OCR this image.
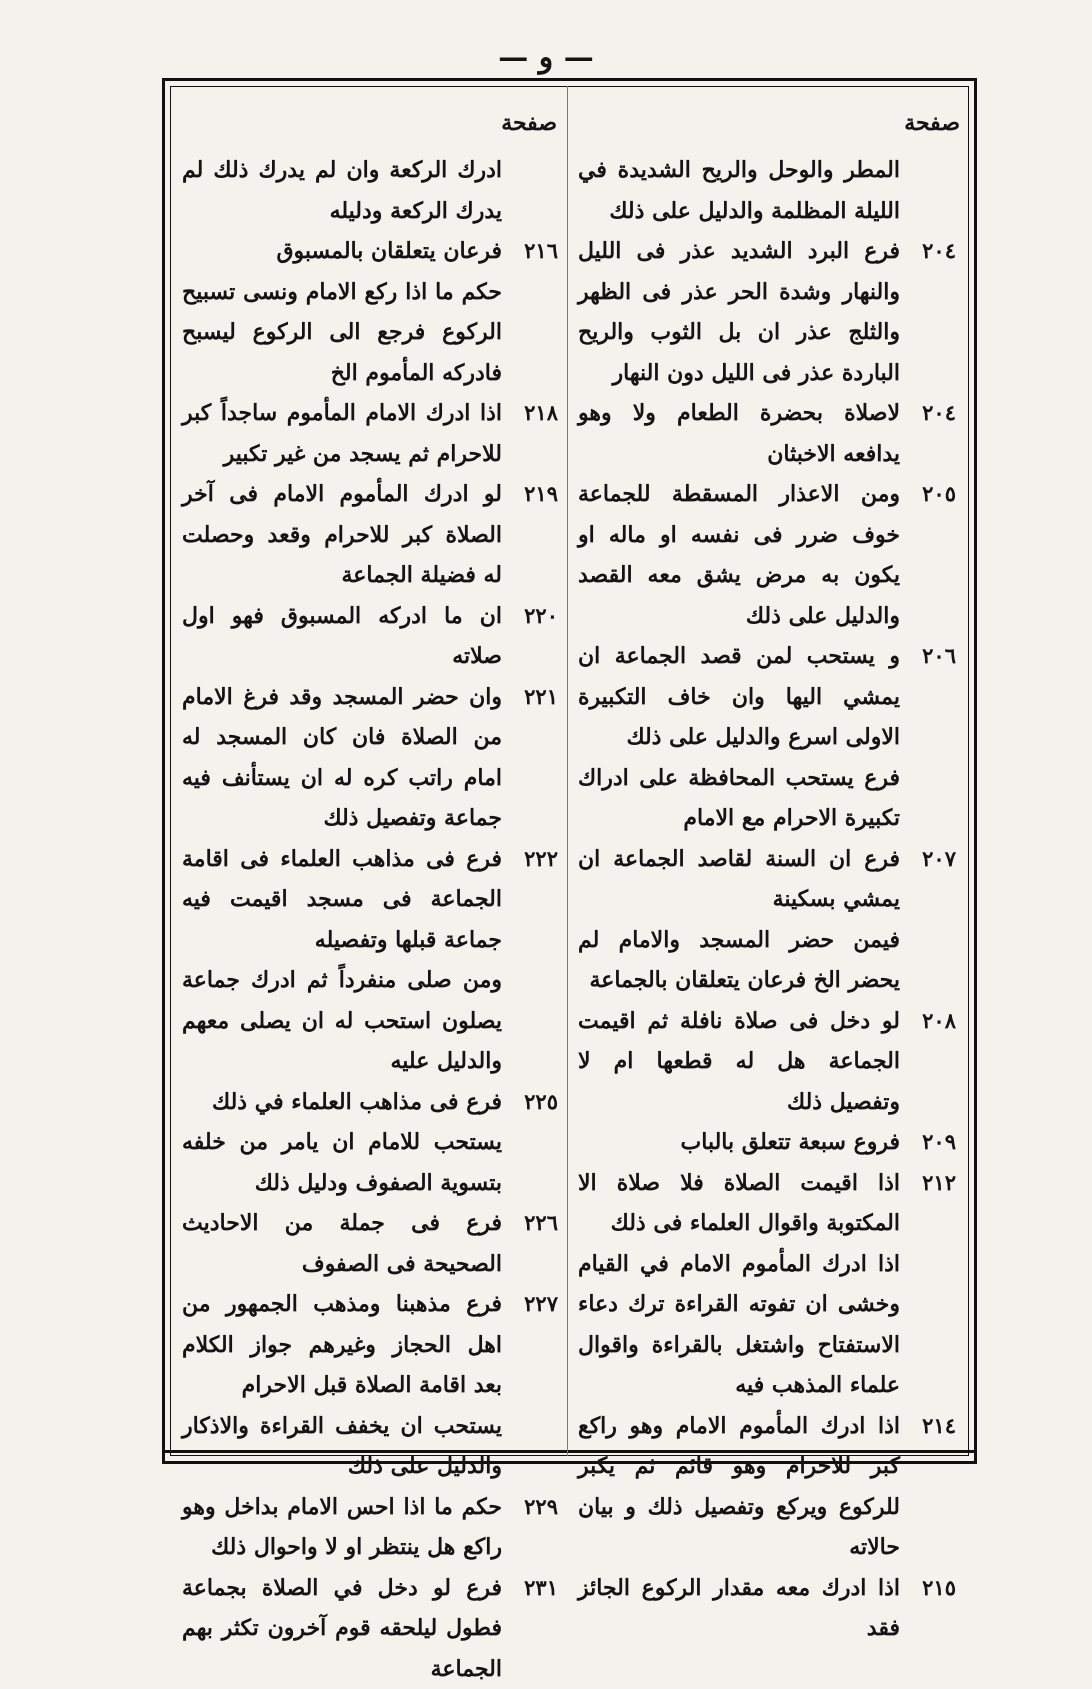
— و —
صفحة
صفحة
المطر والوحل والريح الشديدة في الليلة المظلمة والدليل على ذلك
٢٠٤
فرع البرد الشديد عذر فى الليل والنهار وشدة الحر عذر فى الظهر والثلج عذر ان بل الثوب والريح الباردة عذر فى الليل دون النهار
٢٠٤
لاصلاة بحضرة الطعام ولا وهو يدافعه الاخبثان
٢٠٥
ومن الاعذار المسقطة للجماعة خوف ضرر فى نفسه او ماله او يكون به مرض يشق معه القصد والدليل على ذلك
٢٠٦
و يستحب لمن قصد الجماعة ان يمشي اليها وان خاف التكبيرة الاولى اسرع والدليل على ذلك
فرع يستحب المحافظة على ادراك تكبيرة الاحرام مع الامام
٢٠٧
فرع ان السنة لقاصد الجماعة ان يمشي بسكينة
فيمن حضر المسجد والامام لم يحضر الخ فرعان يتعلقان بالجماعة
٢٠٨
لو دخل فى صلاة نافلة ثم اقيمت الجماعة هل له قطعها ام لا وتفصيل ذلك
٢٠٩
فروع سبعة تتعلق بالباب
٢١٢
اذا اقيمت الصلاة فلا صلاة الا المكتوبة واقوال العلماء فى ذلك
اذا ادرك المأموم الامام في القيام وخشى ان تفوته القراءة ترك دعاء الاستفتاح واشتغل بالقراءة واقوال علماء المذهب فيه
٢١٤
اذا ادرك المأموم الامام وهو راكع كبر للاحرام وهو قائم ثم يكبر للركوع ويركع وتفصيل ذلك و بيان حالاته
٢١٥
اذا ادرك معه مقدار الركوع الجائز فقد
ادرك الركعة وان لم يدرك ذلك لم يدرك الركعة ودليله
٢١٦
فرعان يتعلقان بالمسبوق
حكم ما اذا ركع الامام ونسى تسبيح الركوع فرجع الى الركوع ليسبح فادركه المأموم الخ
٢١٨
اذا ادرك الامام المأموم ساجداً كبر للاحرام ثم يسجد من غير تكبير
٢١٩
لو ادرك المأموم الامام فى آخر الصلاة كبر للاحرام وقعد وحصلت له فضيلة الجماعة
٢٢٠
ان ما ادركه المسبوق فهو اول صلاته
٢٢١
وان حضر المسجد وقد فرغ الامام من الصلاة فان كان المسجد له امام راتب كره له ان يستأنف فيه جماعة وتفصيل ذلك
٢٢٢
فرع فى مذاهب العلماء فى اقامة الجماعة فى مسجد اقيمت فيه جماعة قبلها وتفصيله
ومن صلى منفرداً ثم ادرك جماعة يصلون استحب له ان يصلى معهم والدليل عليه
٢٢٥
فرع فى مذاهب العلماء في ذلك
يستحب للامام ان يامر من خلفه بتسوية الصفوف ودليل ذلك
٢٢٦
فرع فى جملة من الاحاديث الصحيحة فى الصفوف
٢٢٧
فرع مذهبنا ومذهب الجمهور من اهل الحجاز وغيرهم جواز الكلام بعد اقامة الصلاة قبل الاحرام
يستحب ان يخفف القراءة والاذكار والدليل على ذلك
٢٢٩
حكم ما اذا احس الامام بداخل وهو راكع هل ينتظر او لا واحوال ذلك
٢٣١
فرع لو دخل في الصلاة بجماعة فطول ليلحقه قوم آخرون تكثر بهم الجماعة
